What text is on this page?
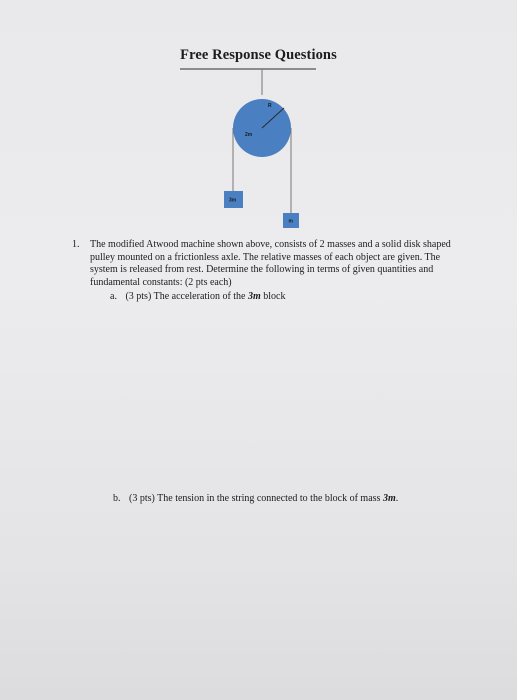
Free Response Questions
R
2m
3m
m
1. The modified Atwood machine shown above, consists of 2 masses and a solid disk shaped pulley mounted on a frictionless axle. The relative masses of each object are given. The system is released from rest. Determine the following in terms of given quantities and fundamental constants: (2 pts each)
a. (3 pts) The acceleration of the 3m block
b. (3 pts) The tension in the string connected to the block of mass 3m.
